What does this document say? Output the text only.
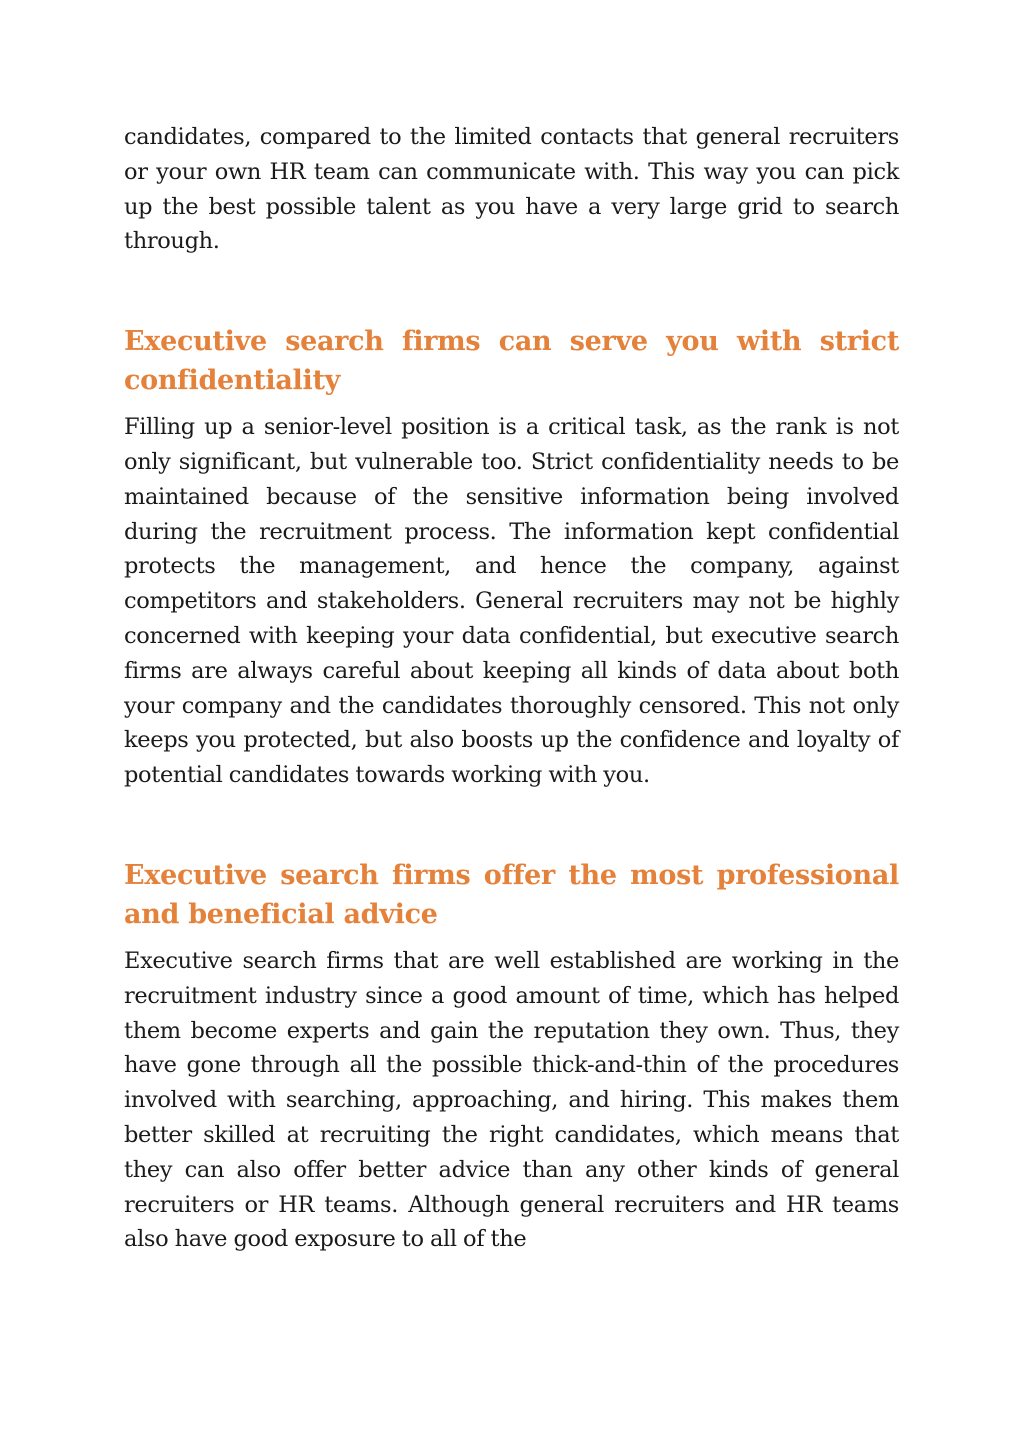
candidates, compared to the limited contacts that general recruiters or your own HR team can communicate with. This way you can pick up the best possible talent as you have a very large grid to search through.

Executive search firms can serve you with strict confidentiality

Filling up a senior-level position is a critical task, as the rank is not only significant, but vulnerable too. Strict confidentiality needs to be maintained because of the sensitive information being involved during the recruitment process. The information kept confidential protects the management, and hence the company, against competitors and stakeholders. General recruiters may not be highly concerned with keeping your data confidential, but executive search firms are always careful about keeping all kinds of data about both your company and the candidates thoroughly censored. This not only keeps you protected, but also boosts up the confidence and loyalty of potential candidates towards working with you.

Executive search firms offer the most professional and beneficial advice

Executive search firms that are well established are working in the recruitment industry since a good amount of time, which has helped them become experts and gain the reputation they own. Thus, they have gone through all the possible thick-and-thin of the procedures involved with searching, approaching, and hiring. This makes them better skilled at recruiting the right candidates, which means that they can also offer better advice than any other kinds of general recruiters or HR teams. Although general recruiters and HR teams also have good exposure to all of the
